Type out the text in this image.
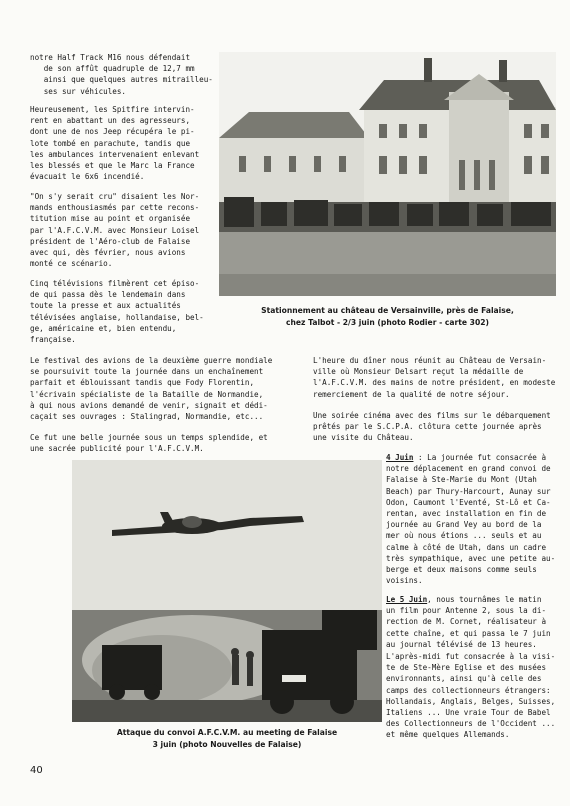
notre Half Track M16 nous défendait
de son affût quadruple de 12,7 mm
ainsi que quelques autres mitrailleu-
ses sur véhicules.

Heureusement, les Spitfire intervin-
rent en abattant un des agresseurs,
dont une de nos Jeep récupéra le pi-
lote tombé en parachute, tandis que
les ambulances intervenaient enlevant
les blessés et que le Marc la France
évacuait le 6x6 incendié.

"On s'y serait cru" disaient les Nor-
mands enthousiasmés par cette recons-
titution mise au point et organisée
par l'A.F.C.V.M. avec Monsieur Loisel
président de l'Aéro-club de Falaise
avec qui, dès février, nous avions
monté ce scénario.

Cinq télévisions filmèrent cet épiso-
de qui passa dès le lendemain dans
toute la presse et aux actualités
télévisées anglaise, hollandaise, bel-
ge, américaine et, bien entendu,
française.

Le festival des avions de la deuxième guerre mondiale
se poursuivit toute la journée dans un enchaînement
parfait et éblouissant tandis que Fody Florentin,
l'écrivain spécialiste de la Bataille de Normandie,
à qui nous avions demandé de venir, signait et dédi-
caçait ses ouvrages : Stalingrad, Normandie, etc...

Ce fut une belle journée sous un temps splendide, et
une sacrée publicité pour l'A.F.C.V.M.

Stationnement au château de Versainville, près de Falaise,
chez Talbot - 2/3 juin (photo Rodier - carte 302)

L'heure du dîner nous réunit au Château de Versain-
ville où Monsieur Delsart reçut la médaille de
l'A.F.C.V.M. des mains de notre président, en modeste
remerciement de la qualité de notre séjour.

Une soirée cinéma avec des films sur le débarquement
prêtés par le S.C.P.A. clôtura cette journée après
une visite du Château.

Attaque du convoi A.F.C.V.M. au meeting de Falaise
3 juin (photo Nouvelles de Falaise)
4 Juin : La journée fut consacrée à
notre déplacement en grand convoi de
Falaise à Ste-Marie du Mont (Utah
Beach) par Thury-Harcourt, Aunay sur
Odon, Caumont l'Eventé, St-Lô et Ca-
rentan, avec installation en fin de
journée au Grand Vey au bord de la
mer où nous étions ... seuls et au
calme à côté de Utah, dans un cadre
très sympathique, avec une petite au-
berge et deux maisons comme seuls
voisins.
Le 5 Juin, nous tournâmes le matin
un film pour Antenne 2, sous la di-
rection de M. Cornet, réalisateur à
cette chaîne, et qui passa le 7 juin
au journal télévisé de 13 heures.

L'après-midi fut consacrée à la visi-
te de Ste-Mère Eglise et des musées
environnants, ainsi qu'à celle des
camps des collectionneurs étrangers:
Hollandais, Anglais, Belges, Suisses,
Italiens ... Une vraie Tour de Babel
des Collectionneurs de l'Occident ...
et même quelques Allemands.

40
